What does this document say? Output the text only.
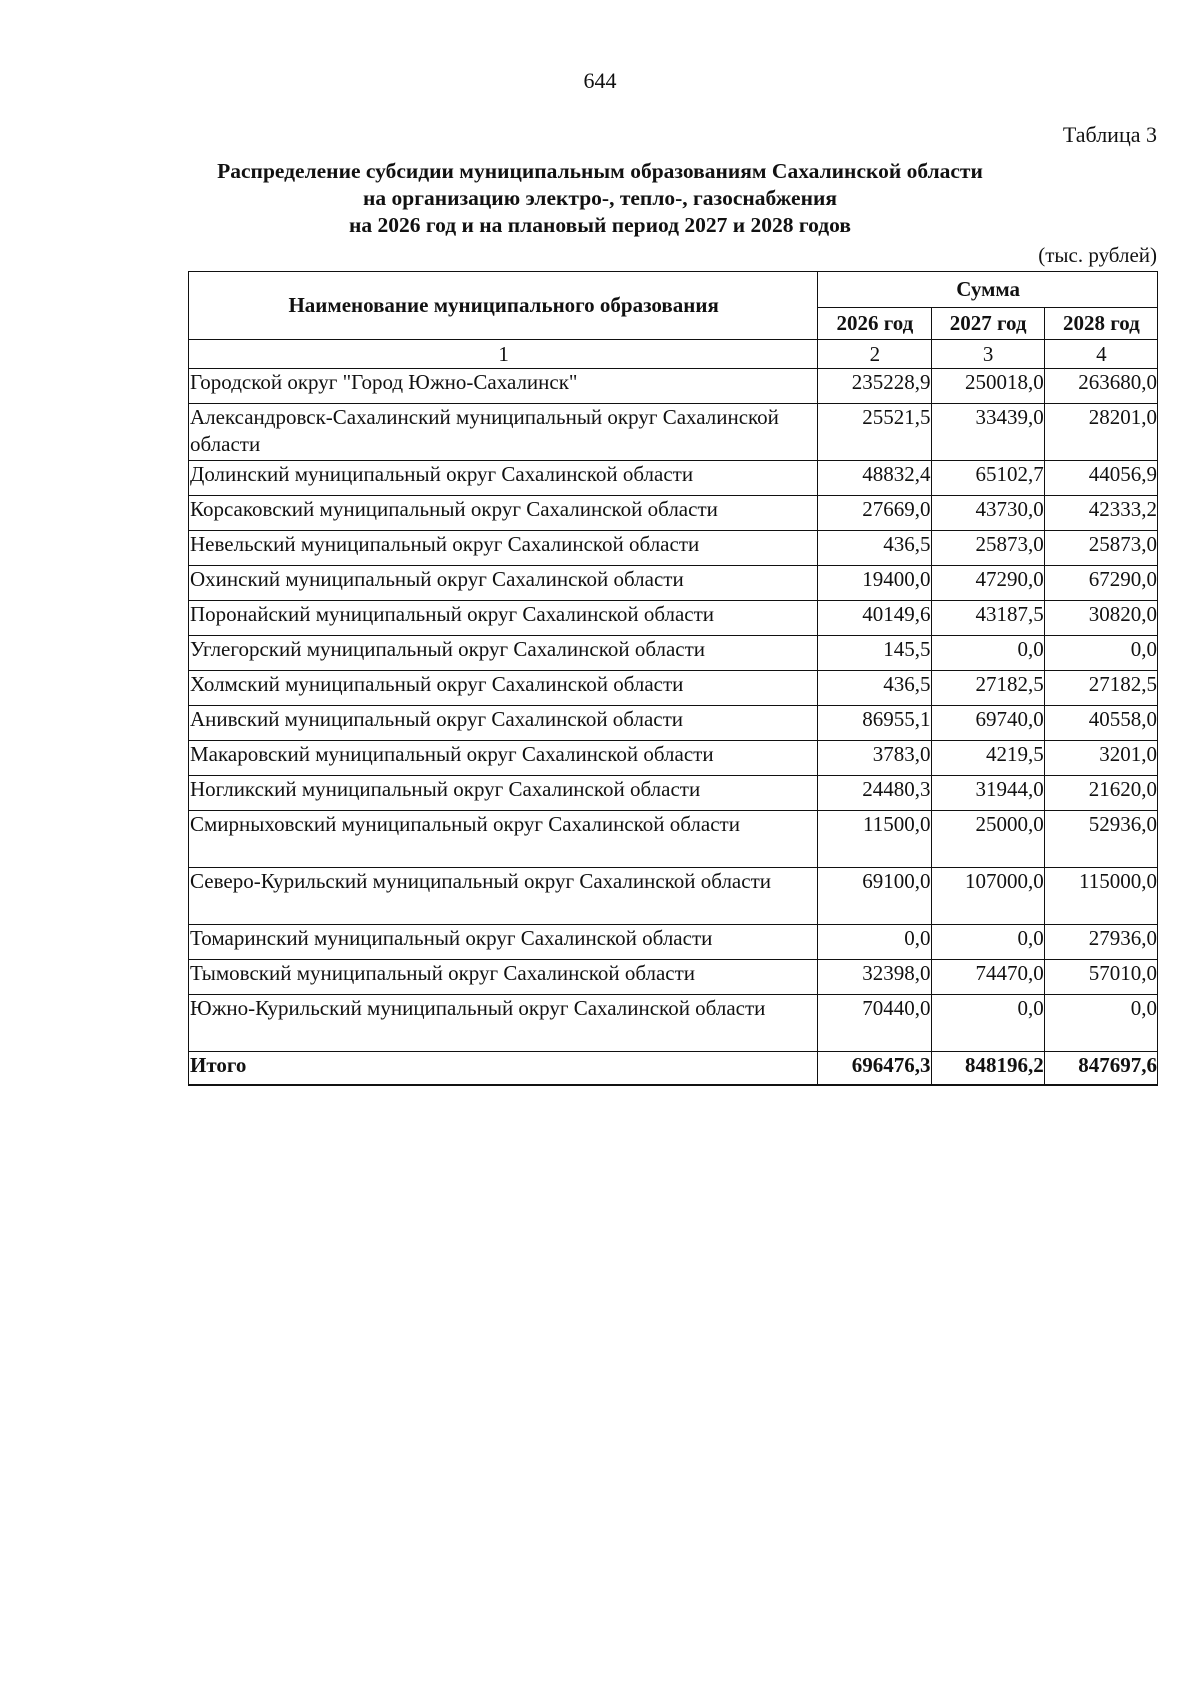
644
Таблица 3
Распределение субсидии муниципальным образованиям Сахалинской области
на организацию электро-, тепло-, газоснабжения
на 2026 год и на плановый период 2027 и 2028 годов
(тыс. рублей)
Наименование муниципального образования	Сумма		
	2026 год	2027 год	2028 год
1	2	3	4
Городской округ "Город Южно-Сахалинск"	235228,9	250018,0	263680,0
Александровск-Сахалинский муниципальный округ Сахалинской области	25521,5	33439,0	28201,0
Долинский муниципальный округ Сахалинской области	48832,4	65102,7	44056,9
Корсаковский муниципальный округ Сахалинской области	27669,0	43730,0	42333,2
Невельский муниципальный округ Сахалинской области	436,5	25873,0	25873,0
Охинский муниципальный округ Сахалинской области	19400,0	47290,0	67290,0
Поронайский муниципальный округ Сахалинской области	40149,6	43187,5	30820,0
Углегорский муниципальный округ Сахалинской области	145,5	0,0	0,0
Холмский муниципальный округ Сахалинской области	436,5	27182,5	27182,5
Анивский муниципальный округ Сахалинской области	86955,1	69740,0	40558,0
Макаровский муниципальный округ Сахалинской области	3783,0	4219,5	3201,0
Ногликский муниципальный округ Сахалинской области	24480,3	31944,0	21620,0
Смирныховский муниципальный округ Сахалинской области	11500,0	25000,0	52936,0
Северо-Курильский муниципальный округ Сахалинской области	69100,0	107000,0	115000,0
Томаринский муниципальный округ Сахалинской области	0,0	0,0	27936,0
Тымовский муниципальный округ Сахалинской области	32398,0	74470,0	57010,0
Южно-Курильский муниципальный округ Сахалинской области	70440,0	0,0	0,0
Итого	696476,3	848196,2	847697,6
